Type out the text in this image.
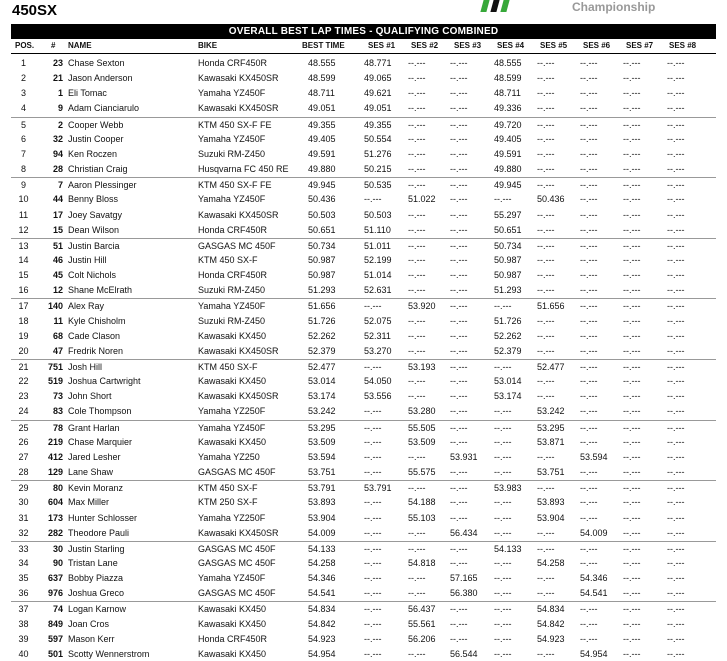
450SX	Championship
OVERALL BEST LAP TIMES - QUALIFYING COMBINED
POS. # NAME	BIKE	BEST TIME	SES #1 SES #2 SES #3 SES #4 SES #5 SES #6 SES #7 SES #8
1	23 Chase Sexton	Honda CRF450R	48.555	48.771 --.---	--.---	48.555 --.---	--.---	--.---	--.---
2	21 Jason Anderson	Kawasaki KX450SR	48.599	49.065 --.---	--.---	48.599 --.---	--.---	--.---	--.---
3	1 Eli Tomac	Yamaha YZ450F	48.711	49.621 --.---	--.---	48.711 --.---	--.---	--.---	--.---
4	9 Adam Cianciarulo	Kawasaki KX450SR	49.051	49.051 --.---	--.---	49.336 --.---	--.---	--.---	--.---
5	2 Cooper Webb	KTM 450 SX-F FE	49.355	49.355 --.---	--.---	49.720 --.---	--.---	--.---	--.---
6	32 Justin Cooper	Yamaha YZ450F	49.405	50.554 --.---	--.---	49.405 --.---	--.---	--.---	--.---
7	94 Ken Roczen	Suzuki RM-Z450	49.591	51.276 --.---	--.---	49.591 --.---	--.---	--.---	--.---
8	28 Christian Craig	Husqvarna FC 450 RE 49.880	50.215 --.---	--.---	49.880 --.---	--.---	--.---	--.---
9	7 Aaron Plessinger	KTM 450 SX-F FE	49.945	50.535 --.---	--.---	49.945 --.---	--.---	--.---	--.---
10	44 Benny Bloss	Yamaha YZ450F	50.436	--.---	51.022 --.---	--.---	50.436 --.---	--.---	--.---
11	17 Joey Savatgy	Kawasaki KX450SR	50.503	50.503 --.---	--.---	55.297 --.---	--.---	--.---	--.---
12	15 Dean Wilson	Honda CRF450R	50.651	51.110 --.---	--.---	50.651 --.---	--.---	--.---	--.---
13	51 Justin Barcia	GASGAS MC 450F	50.734	51.011 --.---	--.---	50.734 --.---	--.---	--.---	--.---
14	46 Justin Hill	KTM 450 SX-F	50.987	52.199 --.---	--.---	50.987 --.---	--.---	--.---	--.---
15	45 Colt Nichols	Honda CRF450R	50.987	51.014 --.---	--.---	50.987 --.---	--.---	--.---	--.---
16	12 Shane McElrath	Suzuki RM-Z450	51.293	52.631 --.---	--.---	51.293 --.---	--.---	--.---	--.---
17	140 Alex Ray	Yamaha YZ450F	51.656	--.---	53.920 --.---	--.---	51.656 --.---	--.---	--.---
18	11 Kyle Chisholm	Suzuki RM-Z450	51.726	52.075 --.---	--.---	51.726 --.---	--.---	--.---	--.---
19	68 Cade Clason	Kawasaki KX450	52.262	52.311 --.---	--.---	52.262 --.---	--.---	--.---	--.---
20	47 Fredrik Noren	Kawasaki KX450SR	52.379	53.270 --.---	--.---	52.379 --.---	--.---	--.---	--.---
21	751 Josh Hill	KTM 450 SX-F	52.477	--.---	53.193 --.---	--.---	52.477 --.---	--.---	--.---
22	519 Joshua Cartwright	Kawasaki KX450	53.014	54.050 --.---	--.---	53.014 --.---	--.---	--.---	--.---
23	73 John Short	Kawasaki KX450SR	53.174	53.556 --.---	--.---	53.174 --.---	--.---	--.---	--.---
24	83 Cole Thompson	Yamaha YZ250F	53.242	--.---	53.280 --.---	--.---	53.242 --.---	--.---	--.---
25	78 Grant Harlan	Yamaha YZ450F	53.295	--.---	55.505 --.---	--.---	53.295 --.---	--.---	--.---
26	219 Chase Marquier	Kawasaki KX450	53.509	--.---	53.509 --.---	--.---	53.871 --.---	--.---	--.---
27	412 Jared Lesher	Yamaha YZ250	53.594	--.---	--.---	53.931 --.---	--.---	53.594 --.---	--.---
28	129 Lane Shaw	GASGAS MC 450F	53.751	--.---	55.575 --.---	--.---	53.751 --.---	--.---	--.---
29	80 Kevin Moranz	KTM 450 SX-F	53.791	53.791 --.---	--.---	53.983 --.---	--.---	--.---	--.---
30	604 Max Miller	KTM 250 SX-F	53.893	--.---	54.188 --.---	--.---	53.893 --.---	--.---	--.---
31	173 Hunter Schlosser	Yamaha YZ250F	53.904	--.---	55.103 --.---	--.---	53.904 --.---	--.---	--.---
32	282 Theodore Pauli	Kawasaki KX450SR	54.009	--.---	--.---	56.434 --.---	--.---	54.009 --.---	--.---
33	30 Justin Starling	GASGAS MC 450F	54.133	--.---	--.---	--.---	54.133 --.---	--.---	--.---	--.---
34	90 Tristan Lane	GASGAS MC 450F	54.258	--.---	54.818 --.---	--.---	54.258 --.---	--.---	--.---
35	637 Bobby Piazza	Yamaha YZ450F	54.346	--.---	--.---	57.165 --.---	--.---	54.346 --.---	--.---
36	976 Joshua Greco	GASGAS MC 450F	54.541	--.---	--.---	56.380 --.---	--.---	54.541 --.---	--.---
37	74 Logan Karnow	Kawasaki KX450	54.834	--.---	56.437 --.---	--.---	54.834 --.---	--.---	--.---
38	849 Joan Cros	Kawasaki KX450	54.842	--.---	55.561 --.---	--.---	54.842 --.---	--.---	--.---
39	597 Mason Kerr	Honda CRF450R	54.923	--.---	56.206 --.---	--.---	54.923 --.---	--.---	--.---
40	501 Scotty Wennerstrom	Kawasaki KX450	54.954	--.---	--.---	56.544 --.---	--.---	54.954 --.---	--.---
